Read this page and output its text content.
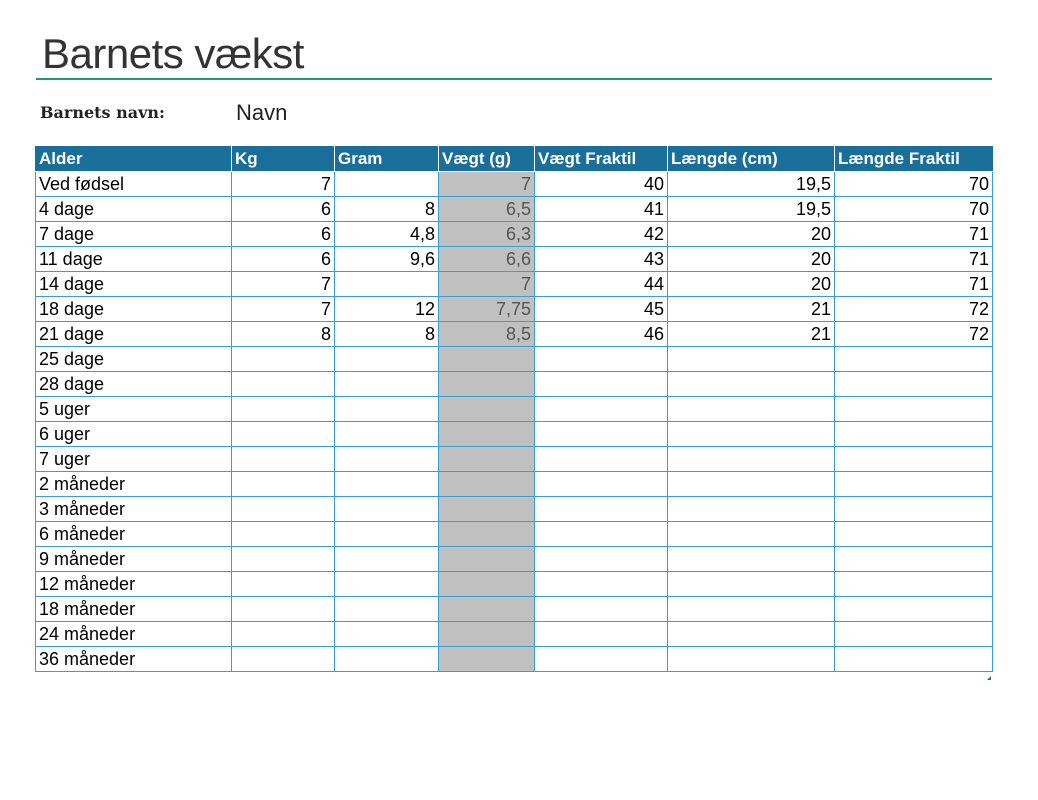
Barnets vækst
Barnets navn:	Navn
Alder	Kg	Gram	Vægt (g)	Vægt Fraktil	Længde (cm)	Længde Fraktil
Ved fødsel	7		7	40	19,5	70
4 dage	6	8	6,5	41	19,5	70
7 dage	6	4,8	6,3	42	20	71
11 dage	6	9,6	6,6	43	20	71
14 dage	7		7	44	20	71
18 dage	7	12	7,75	45	21	72
21 dage	8	8	8,5	46	21	72
25 dage						
28 dage						
5 uger						
6 uger						
7 uger						
2 måneder						
3 måneder						
6 måneder						
9 måneder						
12 måneder						
18 måneder						
24 måneder						
36 måneder						
